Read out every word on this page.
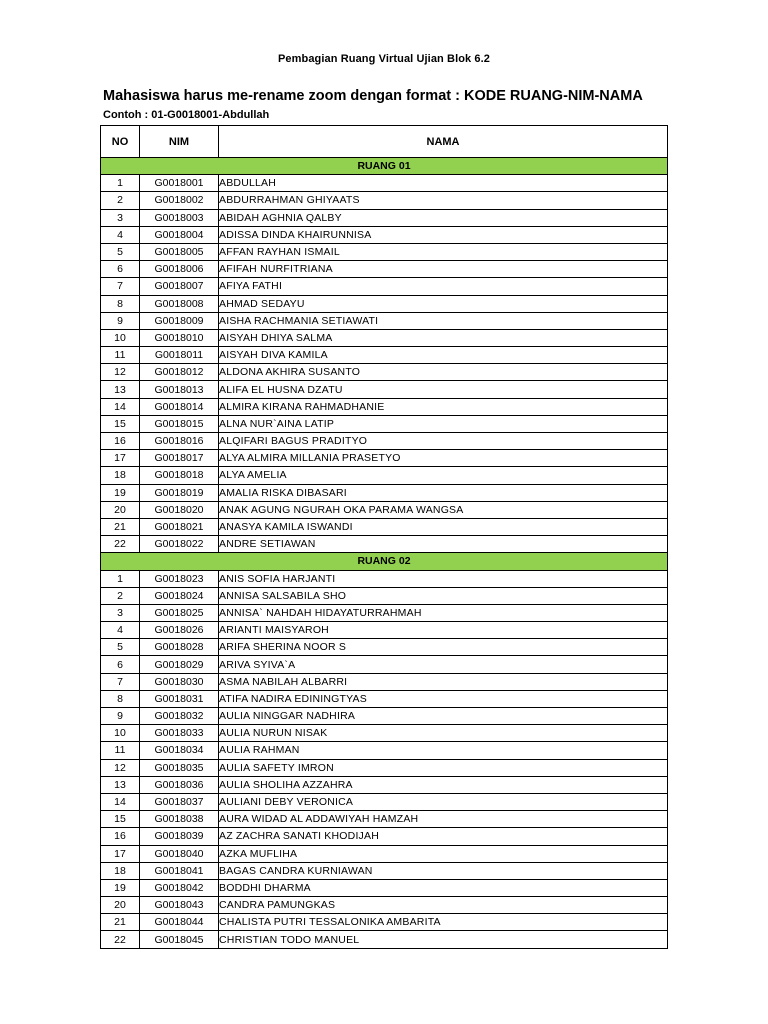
Pembagian Ruang Virtual Ujian Blok 6.2
Mahasiswa harus me-rename zoom dengan format : KODE RUANG-NIM-NAMA
Contoh : 01-G0018001-Abdullah
NO	NIM	NAMA
RUANG 01		
1	G0018001	ABDULLAH
2	G0018002	ABDURRAHMAN GHIYAATS
3	G0018003	ABIDAH AGHNIA QALBY
4	G0018004	ADISSA DINDA KHAIRUNNISA
5	G0018005	AFFAN RAYHAN ISMAIL
6	G0018006	AFIFAH NURFITRIANA
7	G0018007	AFIYA FATHI
8	G0018008	AHMAD SEDAYU
9	G0018009	AISHA RACHMANIA SETIAWATI
10	G0018010	AISYAH DHIYA SALMA
11	G0018011	AISYAH DIVA KAMILA
12	G0018012	ALDONA AKHIRA SUSANTO
13	G0018013	ALIFA EL HUSNA DZATU
14	G0018014	ALMIRA KIRANA RAHMADHANIE
15	G0018015	ALNA NUR`AINA LATIP
16	G0018016	ALQIFARI BAGUS PRADITYO
17	G0018017	ALYA ALMIRA MILLANIA PRASETYO
18	G0018018	ALYA AMELIA
19	G0018019	AMALIA RISKA DIBASARI
20	G0018020	ANAK AGUNG NGURAH OKA PARAMA WANGSA
21	G0018021	ANASYA KAMILA ISWANDI
22	G0018022	ANDRE SETIAWAN
RUANG 02		
1	G0018023	ANIS SOFIA HARJANTI
2	G0018024	ANNISA SALSABILA SHO
3	G0018025	ANNISA` NAHDAH HIDAYATURRAHMAH
4	G0018026	ARIANTI MAISYAROH
5	G0018028	ARIFA SHERINA NOOR S
6	G0018029	ARIVA SYIVA`A
7	G0018030	ASMA NABILAH ALBARRI
8	G0018031	ATIFA NADIRA EDININGTYAS
9	G0018032	AULIA NINGGAR NADHIRA
10	G0018033	AULIA NURUN NISAK
11	G0018034	AULIA RAHMAN
12	G0018035	AULIA SAFETY IMRON
13	G0018036	AULIA SHOLIHA AZZAHRA
14	G0018037	AULIANI DEBY VERONICA
15	G0018038	AURA WIDAD AL ADDAWIYAH HAMZAH
16	G0018039	AZ ZACHRA SANATI KHODIJAH
17	G0018040	AZKA MUFLIHA
18	G0018041	BAGAS CANDRA KURNIAWAN
19	G0018042	BODDHI DHARMA
20	G0018043	CANDRA PAMUNGKAS
21	G0018044	CHALISTA PUTRI TESSALONIKA AMBARITA
22	G0018045	CHRISTIAN TODO MANUEL
